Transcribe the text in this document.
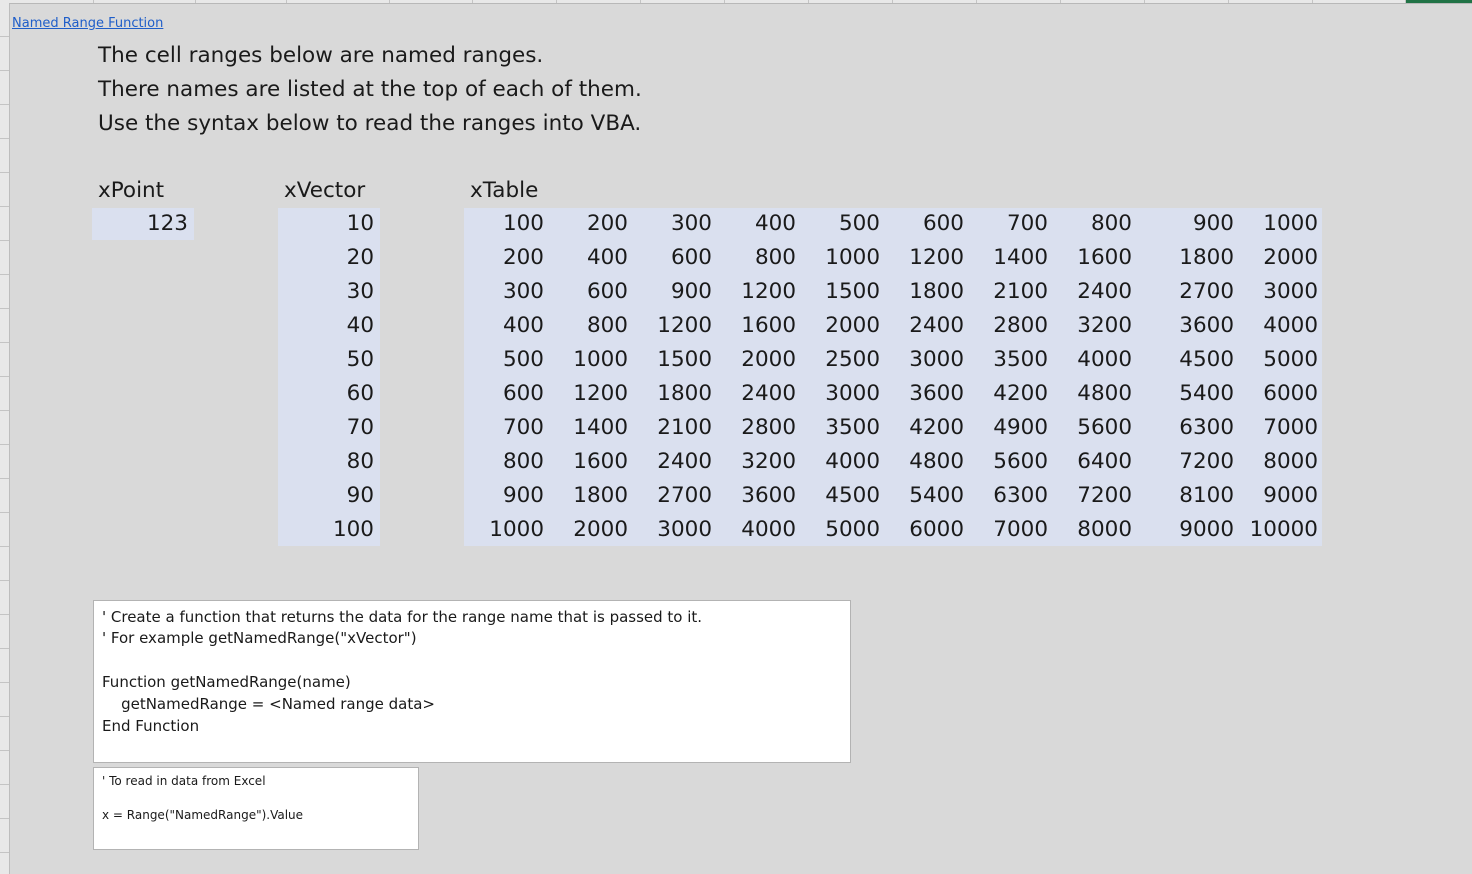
Named Range Function
The cell ranges below are named ranges.
There names are listed at the top of each of them.
Use the syntax below to read the ranges into VBA.
xPoint	xVector	xTable
123	10
20
30
40
50
60
70
80
90
100
100	200	300	400	500	600	700	800	900	1000
200	400	600	800	1000	1200	1400	1600	1800	2000
300	600	900	1200	1500	1800	2100	2400	2700	3000
400	800	1200	1600	2000	2400	2800	3200	3600	4000
500	1000	1500	2000	2500	3000	3500	4000	4500	5000
600	1200	1800	2400	3000	3600	4200	4800	5400	6000
700	1400	2100	2800	3500	4200	4900	5600	6300	7000
800	1600	2400	3200	4000	4800	5600	6400	7200	8000
900	1800	2700	3600	4500	5400	6300	7200	8100	9000
1000	2000	3000	4000	5000	6000	7000	8000	9000 10000
' Create a function that returns the data for the range name that is passed to it.
' For example getNamedRange("xVector")
Function getNamedRange(name)
getNamedRange = <Named range data>
End Function
' To read in data from Excel
x = Range("NamedRange").Value
